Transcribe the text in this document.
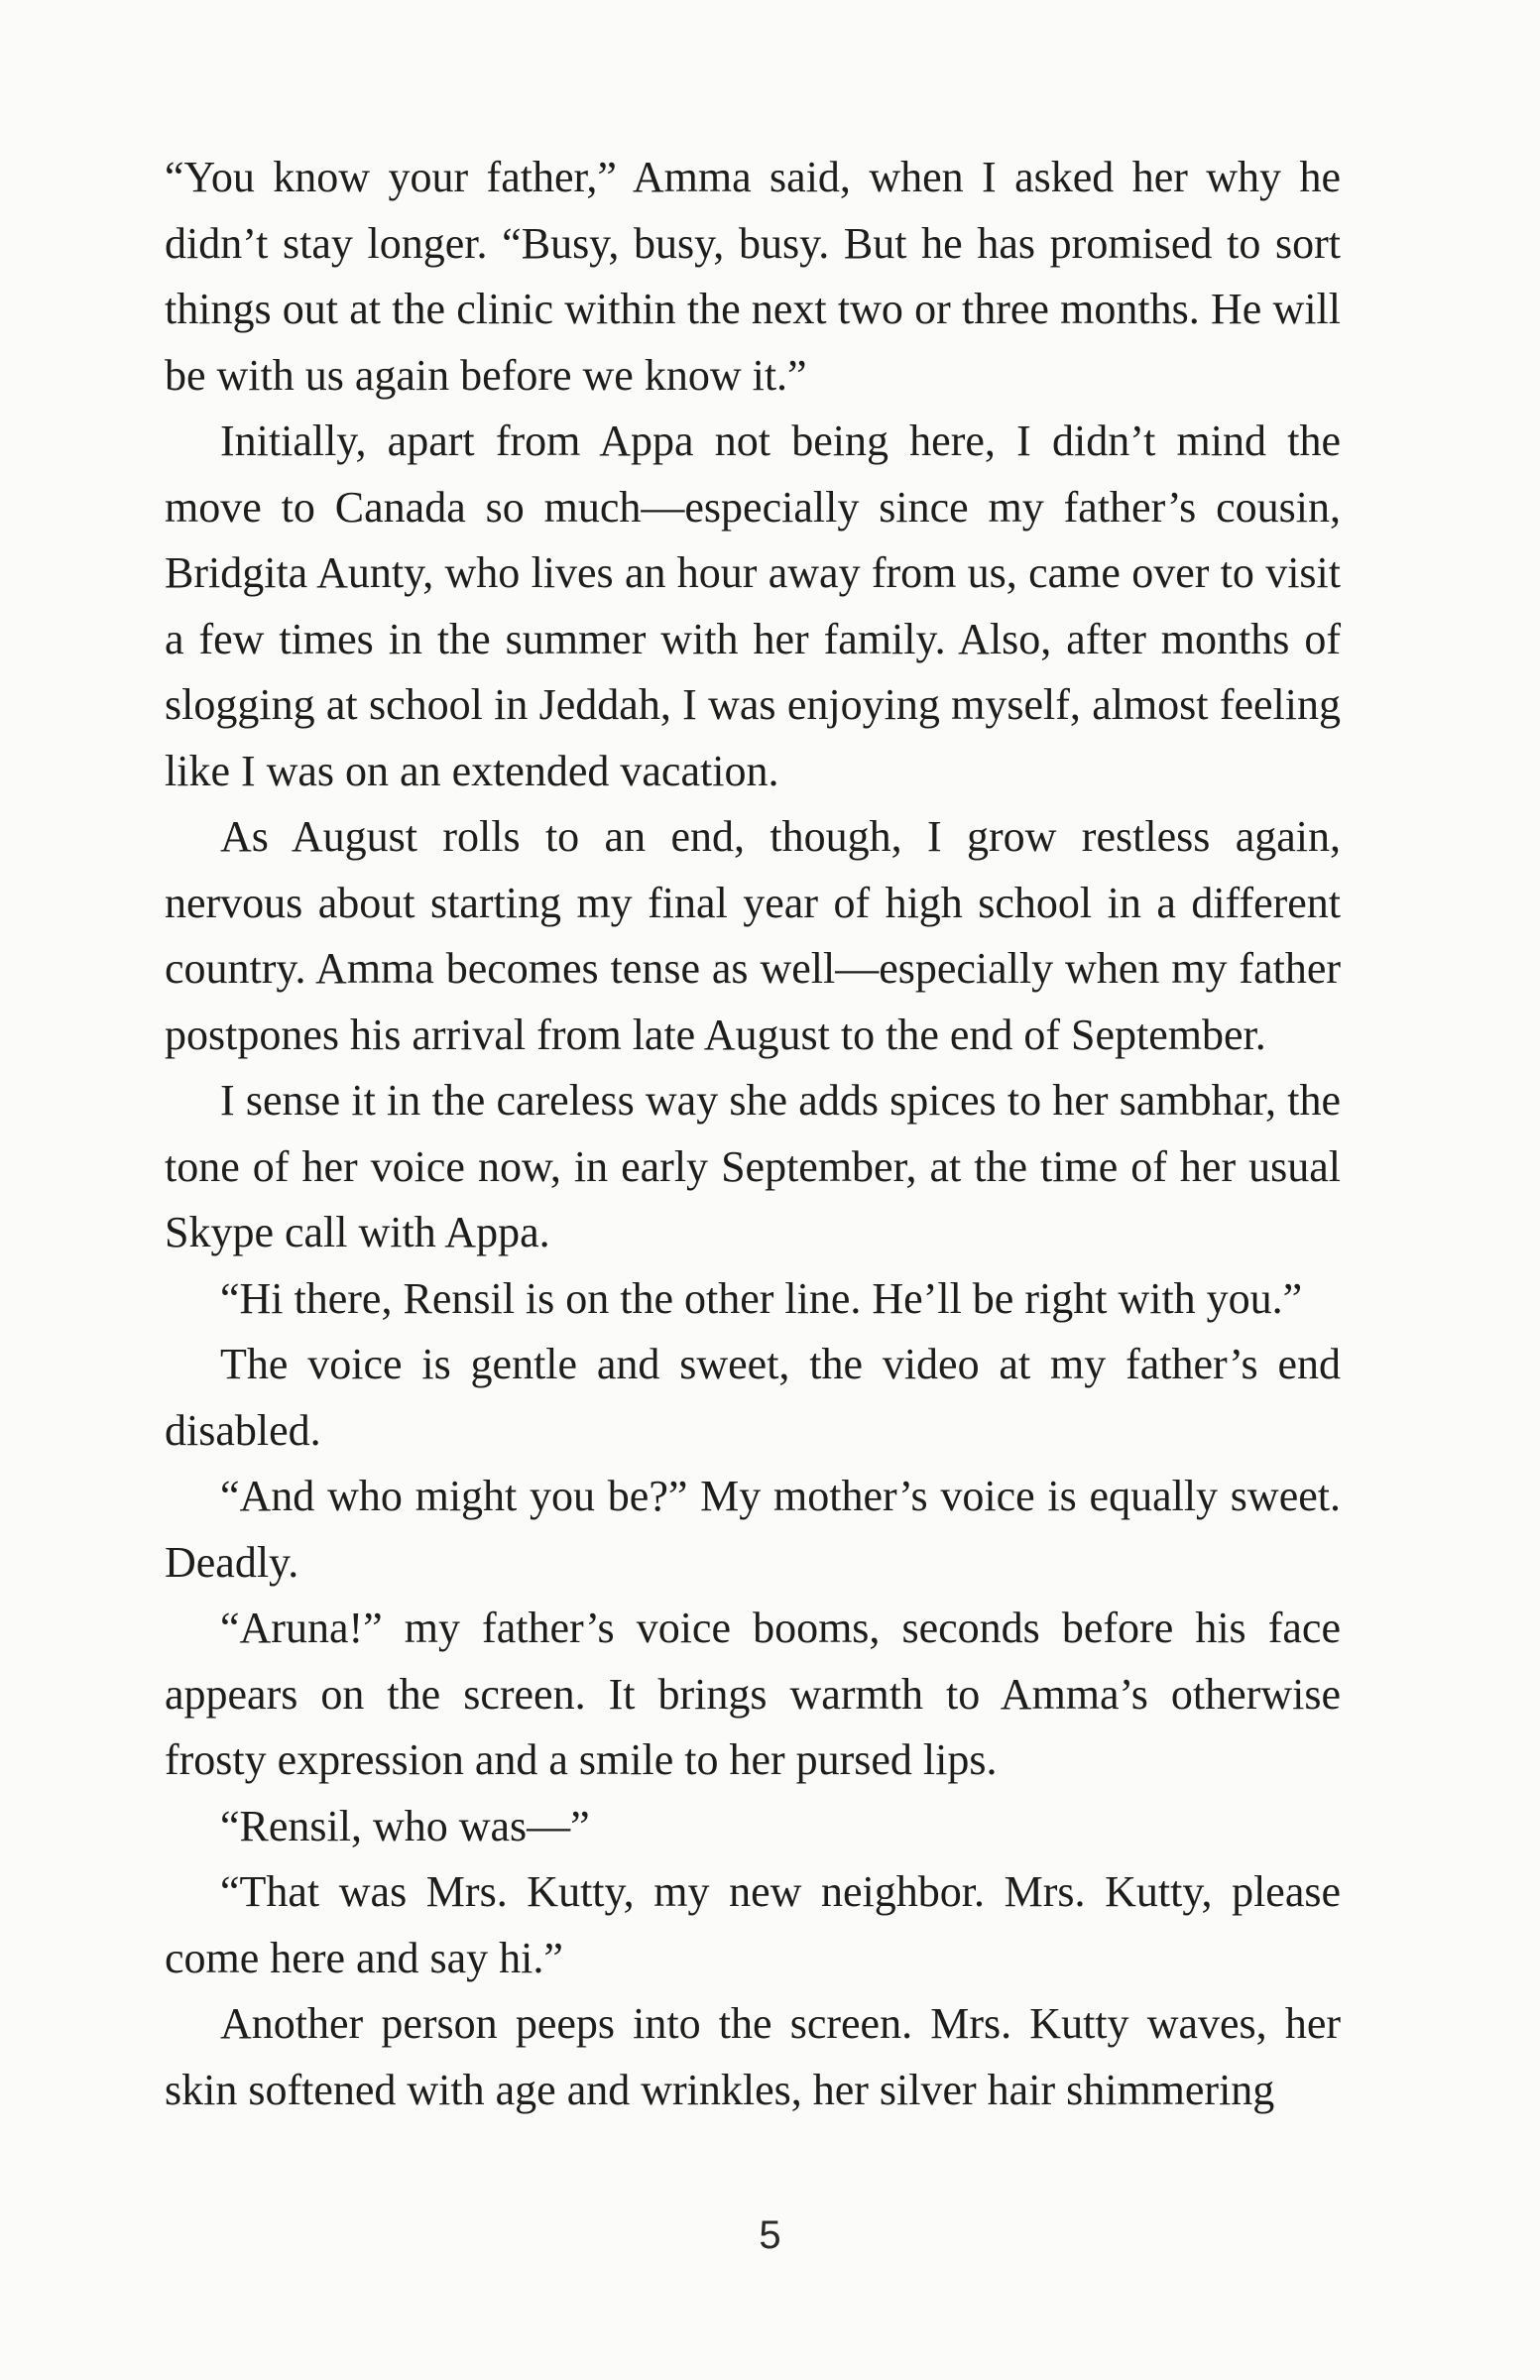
“You know your father,” Amma said, when I asked her why he didn’t stay longer. “Busy, busy, busy. But he has promised to sort things out at the clinic within the next two or three months. He will be with us again before we know it.”

Initially, apart from Appa not being here, I didn’t mind the move to Canada so much—especially since my father’s cousin, Bridgita Aunty, who lives an hour away from us, came over to visit a few times in the summer with her family. Also, after months of slogging at school in Jeddah, I was enjoying myself, almost feeling like I was on an extended vacation.

As August rolls to an end, though, I grow restless again, nervous about starting my final year of high school in a different country. Amma becomes tense as well—especially when my father postpones his arrival from late August to the end of September.

I sense it in the careless way she adds spices to her sambhar, the tone of her voice now, in early September, at the time of her usual Skype call with Appa.

“Hi there, Rensil is on the other line. He’ll be right with you.”

The voice is gentle and sweet, the video at my father’s end disabled.

“And who might you be?” My mother’s voice is equally sweet. Deadly.

“Aruna!” my father’s voice booms, seconds before his face appears on the screen. It brings warmth to Amma’s otherwise frosty expression and a smile to her pursed lips.

“Rensil, who was—”

“That was Mrs. Kutty, my new neighbor. Mrs. Kutty, please come here and say hi.”

Another person peeps into the screen. Mrs. Kutty waves, her skin softened with age and wrinkles, her silver hair shimmering

5
